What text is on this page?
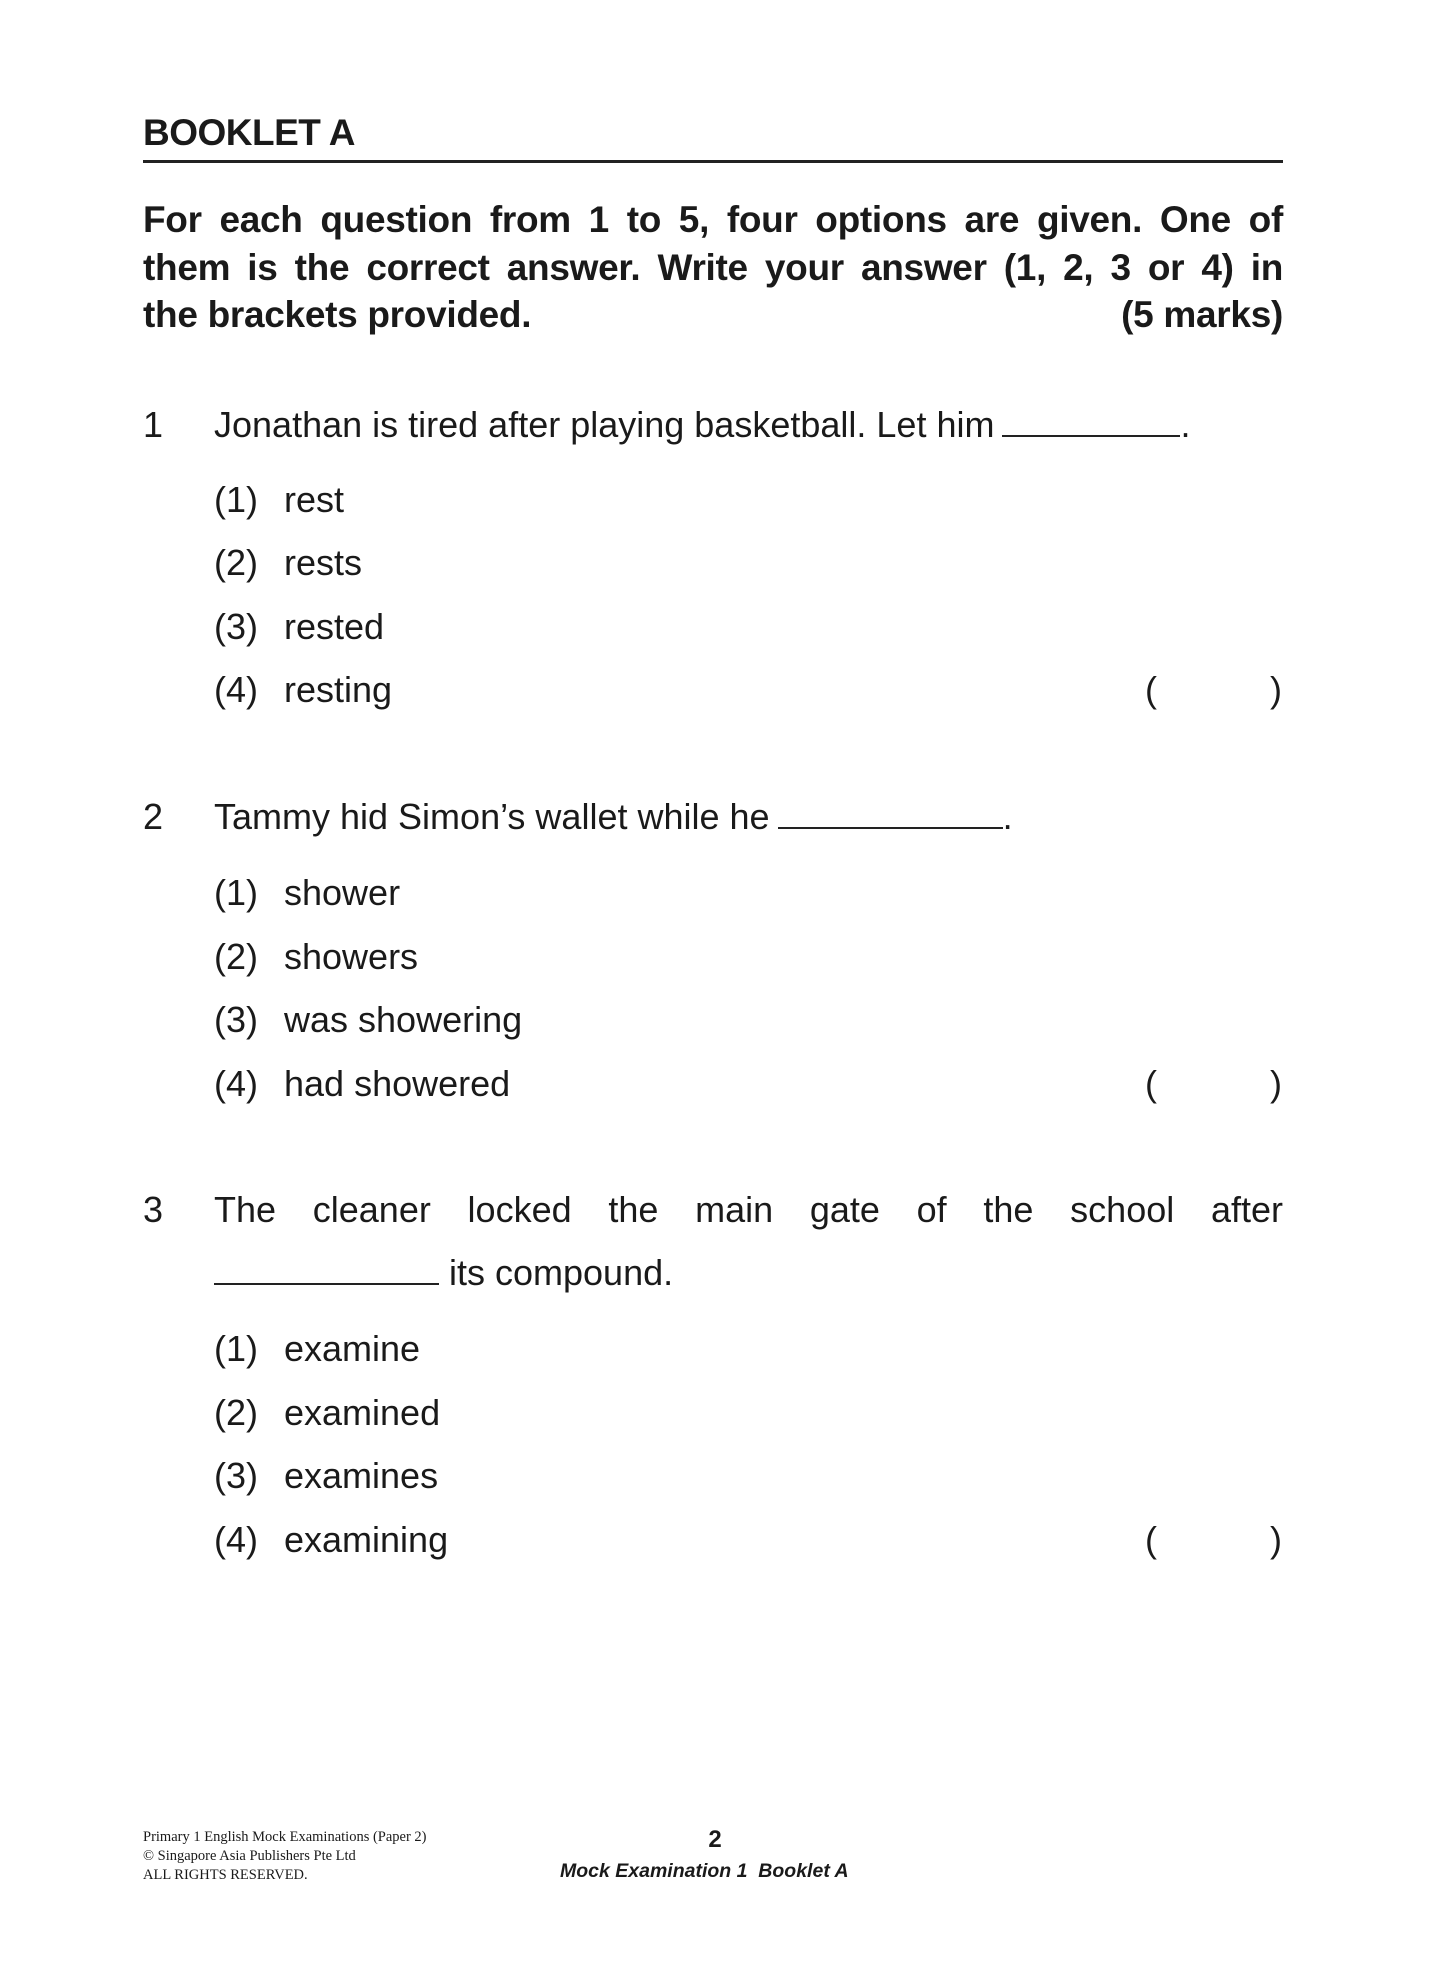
BOOKLET A
For each question from 1 to 5, four options are given. One of them is the correct answer. Write your answer (1, 2, 3 or 4) in
the brackets provided.	(5 marks)
1 Jonathan is tired after playing basketball. Let him	.
(1) rest
(2) rests
(3) rested
(4) resting	(	)
2 Tammy hid Simon’s wallet while he	.
(1) shower
(2) showers
(3) was showering
(4) had showered	(	)
3 The cleaner locked the main gate of the school after
its compound.
(1) examine
(2) examined
(3) examines
(4) examining	(	)
Primary 1 English Mock Examinations (Paper 2)
© Singapore Asia Publishers Pte Ltd
ALL RIGHTS RESERVED.
2
Mock Examination 1  Booklet A
